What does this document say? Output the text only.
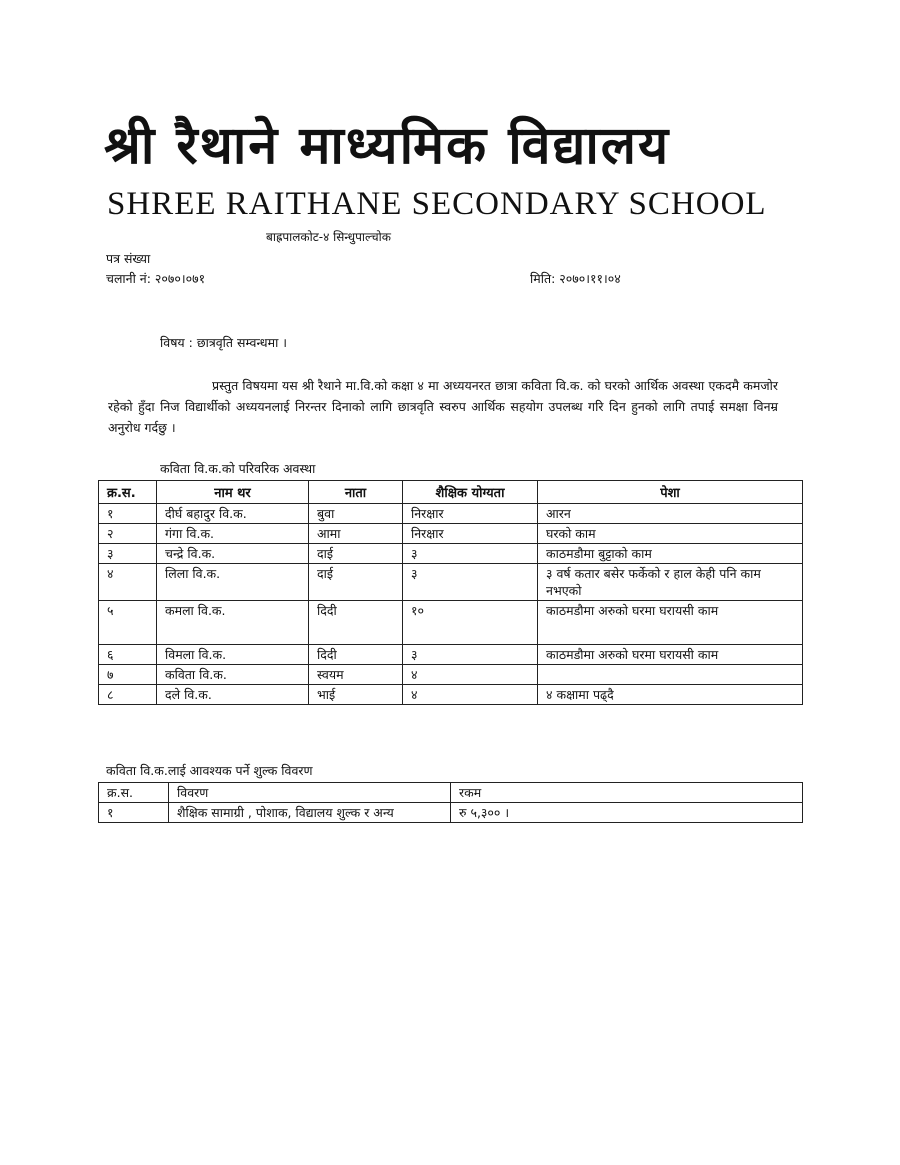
श्री रैथाने माध्यमिक विद्यालय
SHREE RAITHANE SECONDARY SCHOOL
बाह्रपालकोट-४ सिन्धुपाल्चोक
पत्र संख्या
चलानी नं: २०७०।०७१	मिति: २०७०।११।०४
विषय : छात्रवृति सम्वन्धमा ।
प्रस्तुत विषयमा यस श्री रैथाने मा.वि.को कक्षा ४ मा अध्ययनरत छात्रा कविता वि.क. को घरको आर्थिक अवस्था एकदमै कमजोर रहेको हुँदा निज विद्यार्थीको अध्ययनलाई निरन्तर दिनाको लागि छात्रवृति स्वरुप आर्थिक सहयोग उपलब्ध गरि दिन हुनको लागि तपाई समक्षा विनम्र अनुरोध गर्दछु ।
कविता वि.क.को परिवरिक अवस्था
क्र.स.	नाम थर	नाता	शैक्षिक योग्यता	पेशा
१	दीर्घ बहादुर वि.क.	बुवा	निरक्षार	आरन
२	गंगा वि.क.	आमा	निरक्षार	घरको काम
३	चन्द्रे वि.क.	दाई	३	काठमडौमा बुट्टाको काम
४	लिला वि.क.	दाई	३	३ वर्ष कतार बसेर फर्केको र हाल केही पनि काम नभएको
५	कमला वि.क.	दिदी	१०	काठमडौमा अरुको घरमा घरायसी काम
६	विमला वि.क.	दिदी	३	काठमडौमा अरुको घरमा घरायसी काम
७	कविता वि.क.	स्वयम	४	
८	दले वि.क.	भाई	४	४ कक्षामा पढ्दै
कविता वि.क.लाई आवश्यक पर्ने शुल्क विवरण
क्र.स.	विवरण	रकम
१	शैक्षिक सामाग्री , पोशाक, विद्यालय शुल्क र अन्य	रु ५,३०० ।
